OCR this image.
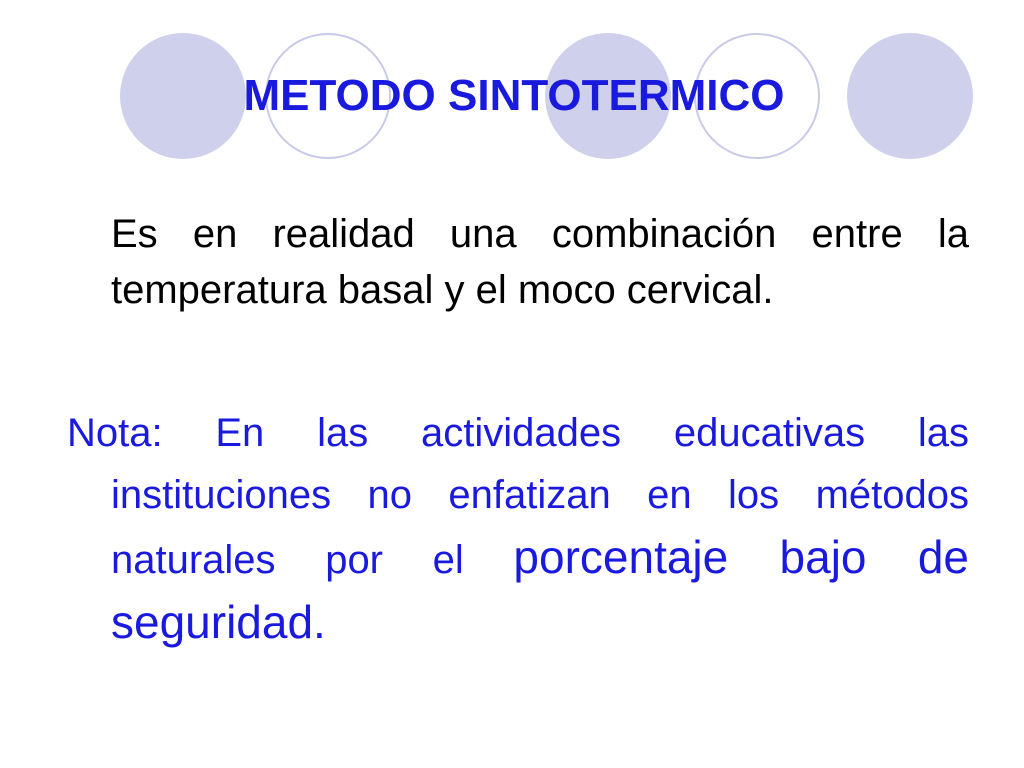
METODO SINTOTERMICO

Es en realidad una combinación entre la temperatura basal y el moco cervical.

Nota: En las actividades educativas las instituciones no enfatizan en los métodos naturales por el porcentaje bajo de seguridad.
